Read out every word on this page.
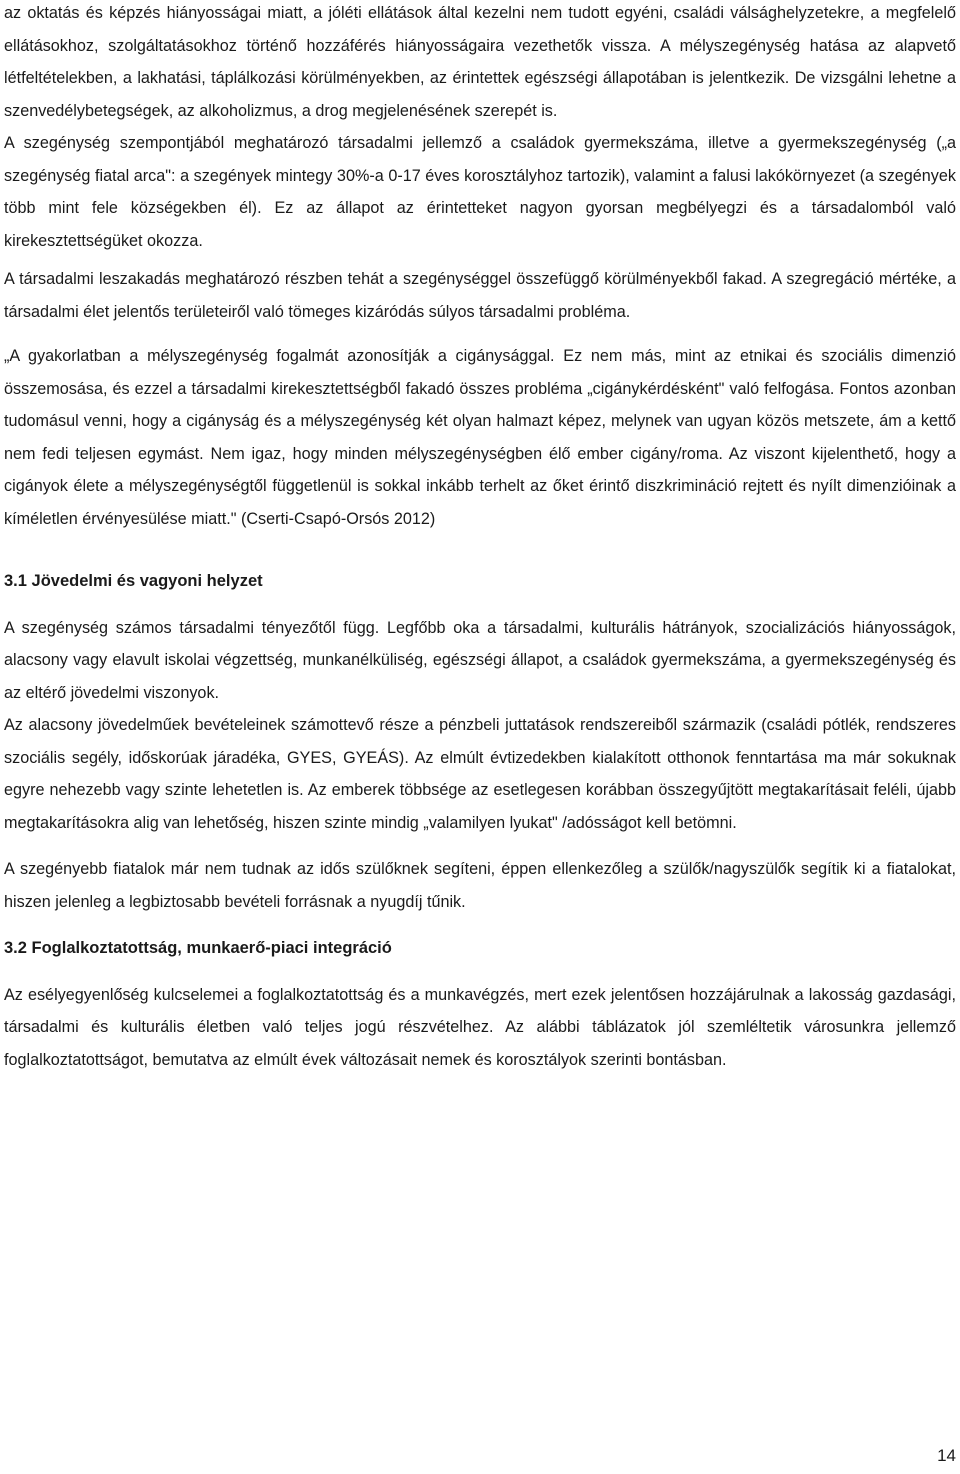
az oktatás és képzés hiányosságai miatt, a jóléti ellátások által kezelni nem tudott egyéni, családi válsághelyzetekre, a megfelelő ellátásokhoz, szolgáltatásokhoz történő hozzáférés hiányosságaira vezethetők vissza. A mélyszegénység hatása az alapvető létfeltételekben, a lakhatási, táplálkozási körülményekben, az érintettek egészségi állapotában is jelentkezik. De vizsgálni lehetne a szenvedélybetegségek, az alkoholizmus, a drog megjelenésének szerepét is.

A szegénység szempontjából meghatározó társadalmi jellemző a családok gyermekszáma, illetve a gyermekszegénység („a szegénység fiatal arca": a szegények mintegy 30%-a 0-17 éves korosztályhoz tartozik), valamint a falusi lakókörnyezet (a szegények több mint fele községekben él). Ez az állapot az érintetteket nagyon gyorsan megbélyegzi és a társadalomból való kirekesztettségüket okozza.

A társadalmi leszakadás meghatározó részben tehát a szegénységgel összefüggő körülményekből fakad. A szegregáció mértéke, a társadalmi élet jelentős területeiről való tömeges kizáródás súlyos társadalmi probléma.

„A gyakorlatban a mélyszegénység fogalmát azonosítják a cigánysággal. Ez nem más, mint az etnikai és szociális dimenzió összemosása, és ezzel a társadalmi kirekesztettségből fakadó összes probléma „cigánykérdésként" való felfogása. Fontos azonban tudomásul venni, hogy a cigányság és a mélyszegénység két olyan halmazt képez, melynek van ugyan közös metszete, ám a kettő nem fedi teljesen egymást. Nem igaz, hogy minden mélyszegénységben élő ember cigány/roma. Az viszont kijelenthető, hogy a cigányok élete a mélyszegénységtől függetlenül is sokkal inkább terhelt az őket érintő diszkrimináció rejtett és nyílt dimenzióinak a kíméletlen érvényesülése miatt." (Cserti-Csapó-Orsós 2012)

3.1 Jövedelmi és vagyoni helyzet

A szegénység számos társadalmi tényezőtől függ. Legfőbb oka a társadalmi, kulturális hátrányok, szocializációs hiányosságok, alacsony vagy elavult iskolai végzettség, munkanélküliség, egészségi állapot, a családok gyermekszáma, a gyermekszegénység és az eltérő jövedelmi viszonyok.

Az alacsony jövedelműek bevételeinek számottevő része a pénzbeli juttatások rendszereiből származik (családi pótlék, rendszeres szociális segély, időskorúak járadéka, GYES, GYEÁS). Az elmúlt évtizedekben kialakított otthonok fenntartása ma már sokuknak egyre nehezebb vagy szinte lehetetlen is. Az emberek többsége az esetlegesen korábban összegyűjtött megtakarításait feléli, újabb megtakarításokra alig van lehetőség, hiszen szinte mindig „valamilyen lyukat" /adósságot kell betömni.

A szegényebb fiatalok már nem tudnak az idős szülőknek segíteni, éppen ellenkezőleg a szülők/nagyszülők segítik ki a fiatalokat, hiszen jelenleg a legbiztosabb bevételi forrásnak a nyugdíj tűnik.

3.2 Foglalkoztatottság, munkaerő-piaci integráció

Az esélyegyenlőség kulcselemei a foglalkoztatottság és a munkavégzés, mert ezek jelentősen hozzájárulnak a lakosság gazdasági, társadalmi és kulturális életben való teljes jogú részvételhez. Az alábbi táblázatok jól szemléltetik városunkra jellemző foglalkoztatottságot, bemutatva az elmúlt évek változásait nemek és korosztályok szerinti bontásban.

14
